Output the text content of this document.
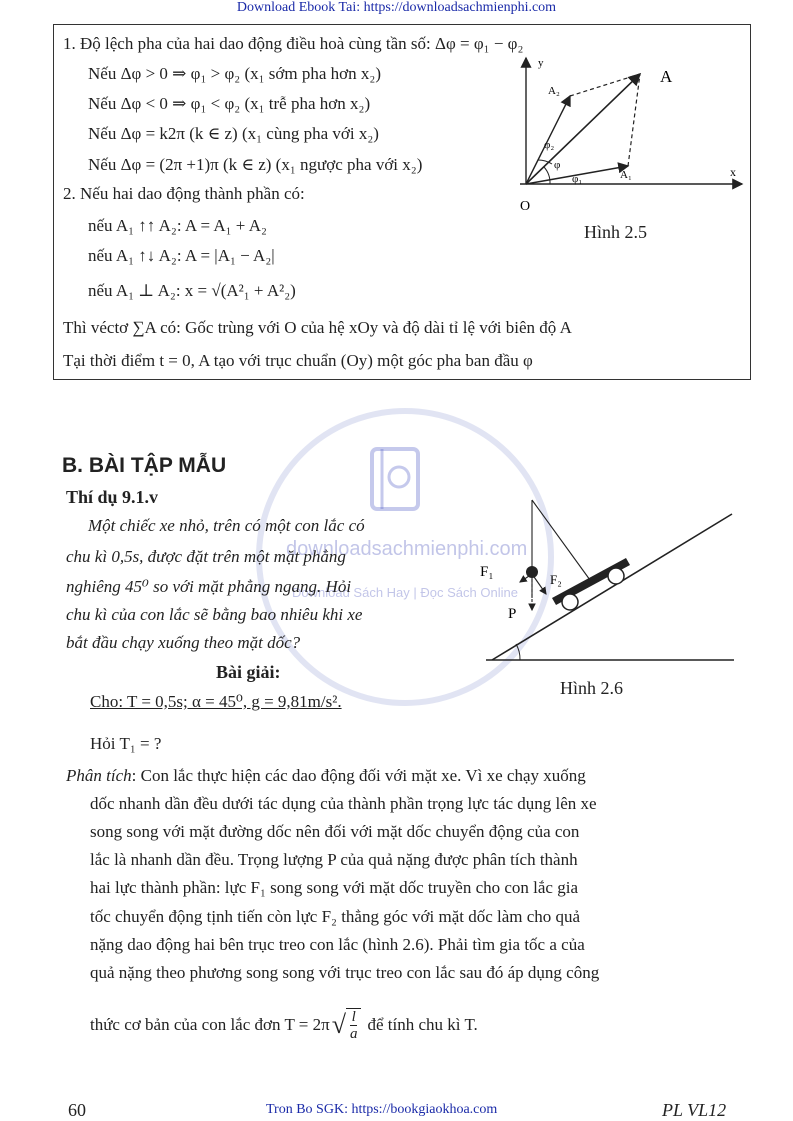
Download Ebook Tai: https://downloadsachmienphi.com
1. Độ lệch pha của hai dao động điều hoà cùng tần số: Δφ = φ₁ − φ₂
Nếu Δφ > 0 ⇒ φ₁ > φ₂ (x₁ sớm pha hơn x₂)
Nếu Δφ < 0 ⇒ φ₁ < φ₂ (x₁ trễ pha hơn x₂)
Nếu Δφ = k2π (k ∈ z) (x₁ cùng pha với x₂)
Nếu Δφ = (2π +1)π (k ∈ z) (x₁ ngược pha với x₂)
2. Nếu hai dao động thành phần có:
nếu A₁ ↑↑ A₂: A = A₁ + A₂
nếu A₁ ↑↓ A₂: A = |A₁ − A₂|
nếu A₁ ⊥ A₂: x = √(A²₁ + A²₂)
Thì véctơ ∑A có: Gốc trùng với O của hệ xOy và độ dài tỉ lệ với biên độ A
Tại thời điểm t = 0, A tạo với trục chuẩn (Oy) một góc pha ban đầu φ
y
x
O
A
A₂
A₁
φ₂
φ
φ₁
Hình 2.5
downloadsachmienphi.com
Download Sách Hay | Đọc Sách Online
B. BÀI TẬP MẪU
Thí dụ 9.1.v
Một chiếc xe nhỏ, trên có một con lắc có
chu kì 0,5s, được đặt trên một mặt phẳng
nghiêng 45⁰ so với mặt phẳng ngang. Hỏi
chu kì của con lắc sẽ bằng bao nhiêu khi xe
bắt đầu chạy xuống theo mặt dốc?
Bài giải:
Cho: T = 0,5s; α = 45⁰, g = 9,81m/s².
Hỏi T₁ = ?
F₁	F₂
P
Hình 2.6
Phân tích: Con lắc thực hiện các dao động đối với mặt xe. Vì xe chạy xuống
dốc nhanh dần đều dưới tác dụng của thành phần trọng lực tác dụng lên xe
song song với mặt đường dốc nên đối với mặt dốc chuyển động của con
lắc là nhanh dần đều. Trọng lượng P của quả nặng được phân tích thành
hai lực thành phần: lực F₁ song song với mặt dốc truyền cho con lắc gia
tốc chuyển động tịnh tiến còn lực F₂ thẳng góc với mặt dốc làm cho quả
nặng dao động hai bên trục treo con lắc (hình 2.6). Phải tìm gia tốc a của
quả nặng theo phương song song với trục treo con lắc sau đó áp dụng công
thức cơ bản của con lắc đơn T = 2π √ $\frac{l}{a}$ để tính chu kì T.
60	Tron Bo SGK: https://bookgiaokhoa.com	PL VL12
